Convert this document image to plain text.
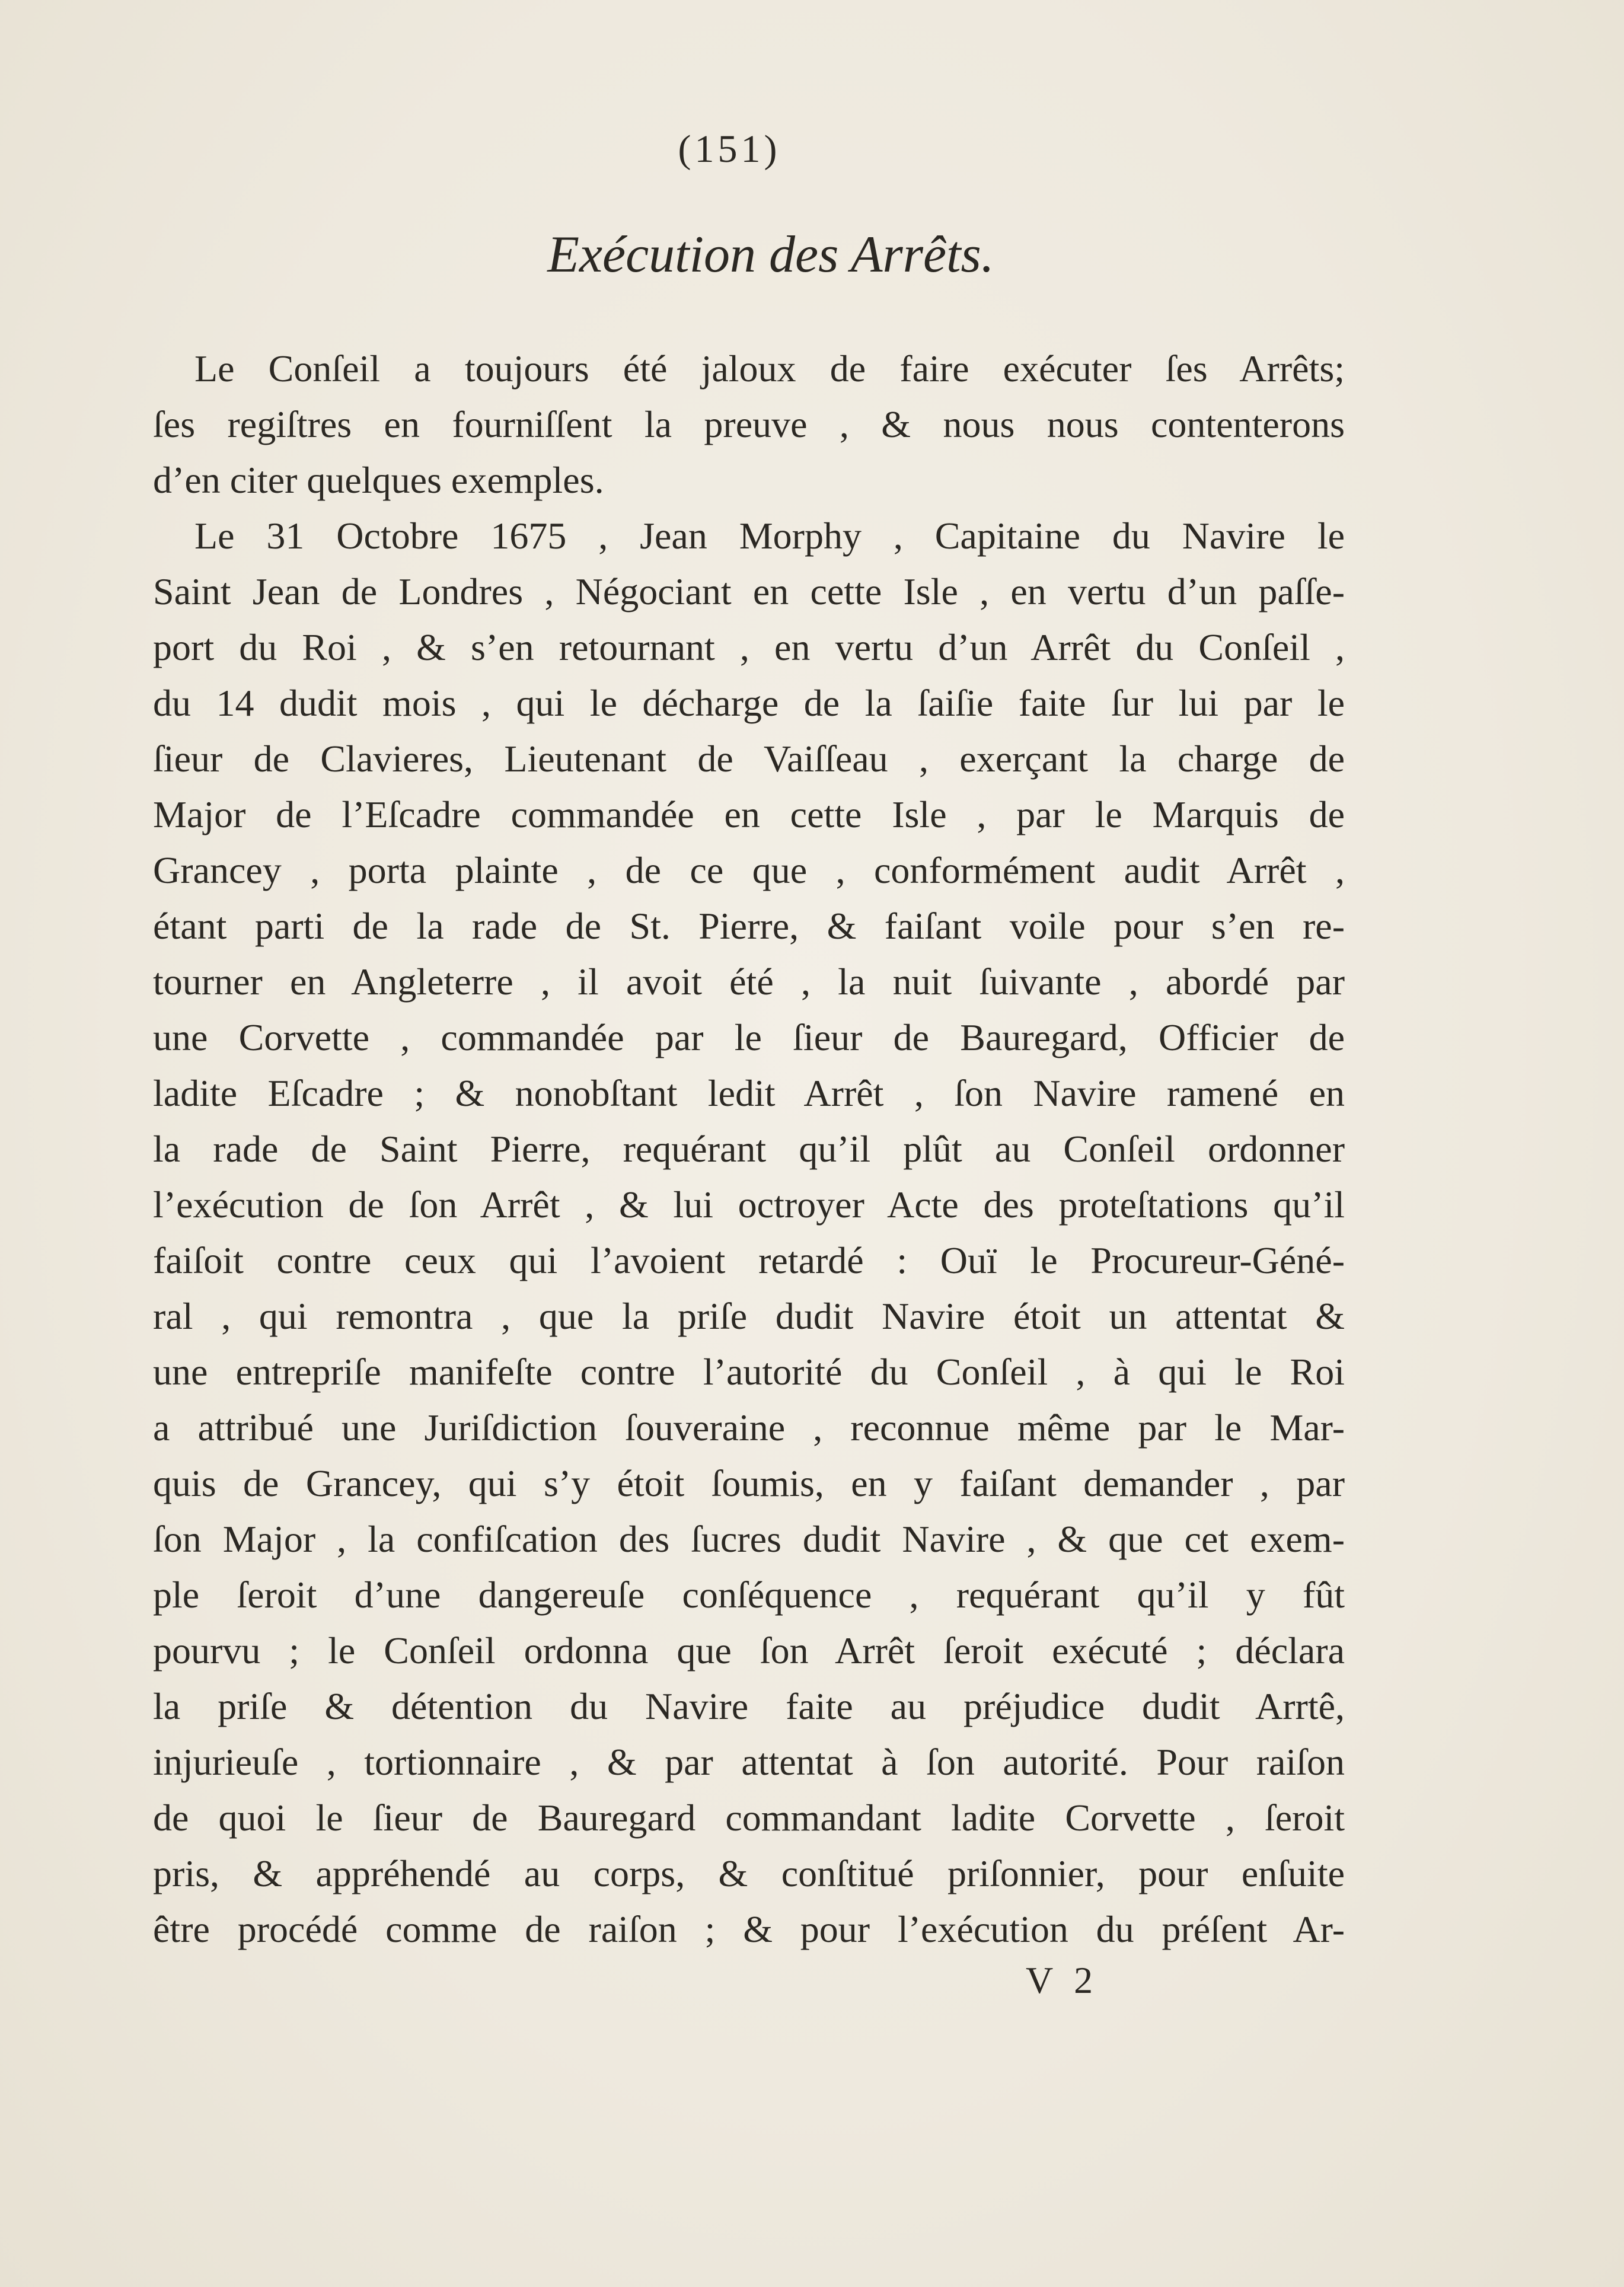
(151)
Exécution des Arrêts.
Le Conſeil a toujours été jaloux de faire exécuter ſes Arrêts;
ſes regiſtres en fourniſſent la preuve , & nous nous contenterons
d’en citer quelques exemples.
Le 31 Octobre 1675 , Jean Morphy , Capitaine du Navire le
Saint Jean de Londres , Négociant en cette Isle , en vertu d’un paſſe-
port du Roi , & s’en retournant , en vertu d’un Arrêt du Conſeil ,
du 14 dudit mois , qui le décharge de la ſaiſie faite ſur lui par le
ſieur de Clavieres, Lieutenant de Vaiſſeau , exerçant la charge de
Major de l’Eſcadre commandée en cette Isle , par le Marquis de
Grancey , porta plainte , de ce que , conformément audit Arrêt ,
étant parti de la rade de St. Pierre, & faiſant voile pour s’en re-
tourner en Angleterre , il avoit été , la nuit ſuivante , abordé par
une Corvette , commandée par le ſieur de Bauregard, Officier de
ladite Eſcadre ; & nonobſtant ledit Arrêt , ſon Navire ramené en
la rade de Saint Pierre, requérant qu’il plût au Conſeil ordonner
l’exécution de ſon Arrêt , & lui octroyer Acte des proteſtations qu’il
faiſoit contre ceux qui l’avoient retardé : Ouï le Procureur-Géné-
ral , qui remontra , que la priſe dudit Navire étoit un attentat &
une entrepriſe manifeſte contre l’autorité du Conſeil , à qui le Roi
a attribué une Juriſdiction ſouveraine , reconnue même par le Mar-
quis de Grancey, qui s’y étoit ſoumis, en y faiſant demander , par
ſon Major , la confiſcation des ſucres dudit Navire , & que cet exem-
ple ſeroit d’une dangereuſe conſéquence , requérant qu’il y fût
pourvu ; le Conſeil ordonna que ſon Arrêt ſeroit exécuté ; déclara
la priſe & détention du Navire faite au préjudice dudit Arrtê,
injurieuſe , tortionnaire , & par attentat à ſon autorité. Pour raiſon
de quoi le ſieur de Bauregard commandant ladite Corvette , ſeroit
pris, & appréhendé au corps, & conſtitué priſonnier, pour enſuite
être procédé comme de raiſon ; & pour l’exécution du préſent Ar-
V 2
